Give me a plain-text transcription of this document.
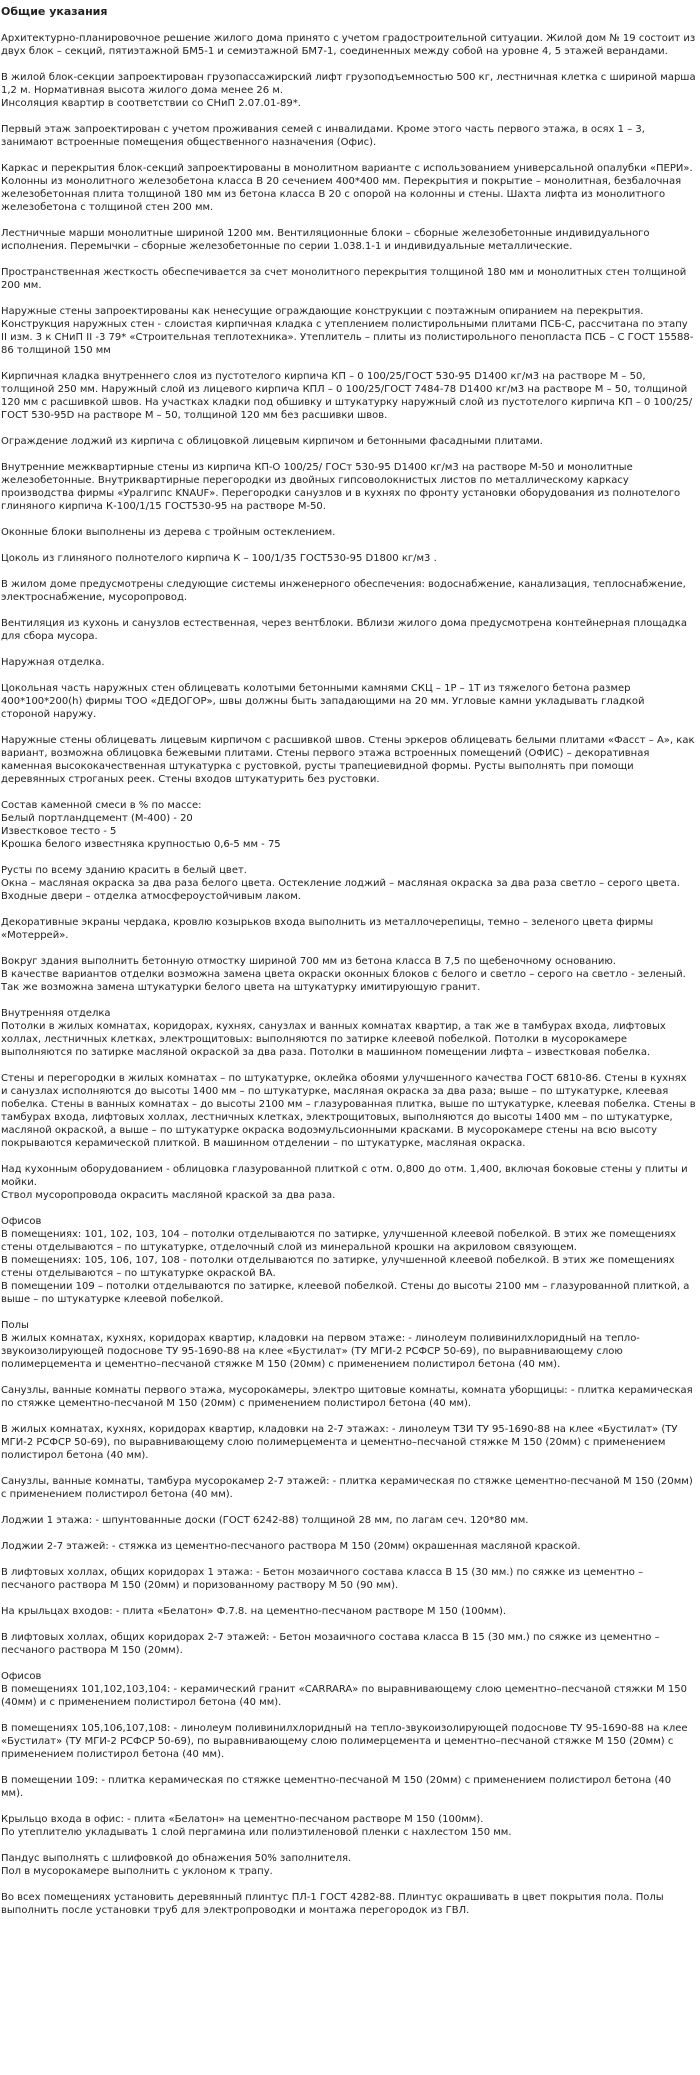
Общие указания

Архитектурно-планировочное решение жилого дома принято с учетом градостроительной ситуации. Жилой дом № 19 состоит из двух блок – секций, пятиэтажной БМ5-1 и семиэтажной БМ7-1, соединенных между собой на уровне 4, 5 этажей верандами.

В жилой блок-секции запроектирован грузопассажирский лифт грузоподъемностью 500 кг, лестничная клетка с шириной марша 1,2 м. Нормативная высота жилого дома менее 26 м.
Инсоляция квартир в соответствии со СНиП 2.07.01-89*.

Первый этаж запроектирован с учетом проживания семей с инвалидами. Кроме этого часть первого этажа, в осях 1 – 3, занимают встроенные помещения общественного назначения (Офис).

Каркас и перекрытия блок-секций запроектированы в монолитном варианте с использованием универсальной опалубки «ПЕРИ». Колонны из монолитного железобетона класса В 20 сечением 400*400 мм. Перекрытия и покрытие – монолитная, безбалочная железобетонная плита толщиной 180 мм из бетона класса В 20 с опорой на колонны и стены. Шахта лифта из монолитного железобетона с толщиной стен 200 мм.

Лестничные марши монолитные шириной 1200 мм. Вентиляционные блоки – сборные железобетонные индивидуального исполнения. Перемычки – сборные железобетонные по серии 1.038.1-1 и индивидуальные металлические.

Пространственная жесткость обеспечивается за счет монолитного перекрытия толщиной 180 мм и монолитных стен толщиной 200 мм.

Наружные стены запроектированы как ненесущие ограждающие конструкции с поэтажным опиранием на перекрытия. Конструкция наружных стен - слоистая кирпичная кладка с утеплением полистирольными плитами ПСБ-С, рассчитана по этапу II изм. 3 к СНиП II -3 79* «Строительная теплотехника». Утеплитель – плиты из полистирольного пенопласта ПСБ – С ГОСТ 15588-86 толщиной 150 мм

Кирпичная кладка внутреннего слоя из пустотелого кирпича КП – 0 100/25/ГОСТ 530-95 D1400 кг/м3 на растворе М – 50, толщиной 250 мм. Наружный слой из лицевого кирпича КПЛ – 0 100/25/ГОСТ 7484-78 D1400 кг/м3 на растворе М – 50, толщиной 120 мм с расшивкой швов. На участках кладки под обшивку и штукатурку наружный слой из пустотелого кирпича КП – 0 100/25/ГОСТ 530-95D на растворе М – 50, толщиной 120 мм без расшивки швов.

Ограждение лоджий из кирпича с облицовкой лицевым кирпичом и бетонными фасадными плитами.

Внутренние межквартирные стены из кирпича КП-О 100/25/ ГОСт 530-95 D1400 кг/м3 на растворе М-50 и монолитные железобетонные. Внутриквартирные перегородки из двойных гипсоволокнистых листов по металлическому каркасу производства фирмы «Уралгипс KNAUF». Перегородки санузлов и в кухнях по фронту установки оборудования из полнотелого глиняного кирпича К-100/1/15 ГОСТ530-95 на растворе М-50.

Оконные блоки выполнены из дерева с тройным остеклением.

Цоколь из глиняного полнотелого кирпича К – 100/1/35 ГОСТ530-95 D1800 кг/м3 .

В жилом доме предусмотрены следующие системы инженерного обеспечения: водоснабжение, канализация, теплоснабжение, электроснабжение, мусоропровод.

Вентиляция из кухонь и санузлов естественная, через вентблоки. Вблизи жилого дома предусмотрена контейнерная площадка для сбора мусора.

Наружная отделка.

Цокольная часть наружных стен облицевать колотыми бетонными камнями СКЦ – 1Р – 1Т из тяжелого бетона размер 400*100*200(h) фирмы ТОО «ДЕДОГОР», швы должны быть западающими на 20 мм. Угловые камни укладывать гладкой стороной наружу.

Наружные стены облицевать лицевым кирпичом с расшивкой швов. Стены эркеров облицевать белыми плитами «Фасст – А», как вариант, возможна облицовка бежевыми плитами. Стены первого этажа встроенных помещений (ОФИС) – декоративная каменная высококачественная штукатурка с рустовкой, русты трапециевидной формы. Русты выполнять при помощи деревянных строганых реек. Стены входов штукатурить без рустовки.

Состав каменной смеси в % по массе:
Белый портландцемент (М-400) - 20
Известковое тесто - 5
Крошка белого известняка крупностью 0,6-5 мм - 75

Русты по всему зданию красить в белый цвет.
Окна – масляная окраска за два раза белого цвета. Остекление лоджий – масляная окраска за два раза светло – серого цвета. Входные двери – отделка атмосфероустойчивым лаком.

Декоративные экраны чердака, кровлю козырьков входа выполнить из металлочерепицы, темно – зеленого цвета фирмы «Мотеррей».

Вокруг здания выполнить бетонную отмостку шириной 700 мм из бетона класса В 7,5 по щебеночному основанию.
В качестве вариантов отделки возможна замена цвета окраски оконных блоков с белого и светло – серого на светло - зеленый. Так же возможна замена штукатурки белого цвета на штукатурку имитирующую гранит.

Внутренняя отделка
Потолки в жилых комнатах, коридорах, кухнях, санузлах и ванных комнатах квартир, а так же в тамбурах входа, лифтовых холлах, лестничных клетках, электрощитовых: выполняются по затирке клеевой побелкой. Потолки в мусорокамере выполняются по затирке масляной окраской за два раза. Потолки в машинном помещении лифта – известковая побелка.

Стены и перегородки в жилых комнатах – по штукатурке, оклейка обоями улучшенного качества ГОСТ 6810-86. Стены в кухнях и санузлах исполняются до высоты 1400 мм – по штукатурке, масляная окраска за два раза; выше – по штукатурке, клеевая побелка. Стены в ванных комнатах – до высоты 2100 мм – глазурованная плитка, выше по штукатурке, клеевая побелка. Стены в тамбурах входа, лифтовых холлах, лестничных клетках, электрощитовых, выполняются до высоты 1400 мм – по штукатурке, масляной окраской, а выше – по штукатурке окраска водоэмульсионными красками. В мусорокамере стены на всю высоту покрываются керамической плиткой. В машинном отделении – по штукатурке, масляная окраска.

Над кухонным оборудованием - облицовка глазурованной плиткой с отм. 0,800 до отм. 1,400, включая боковые стены у плиты и мойки.
Ствол мусоропровода окрасить масляной краской за два раза.

Офисов
В помещениях: 101, 102, 103, 104 – потолки отделываются по затирке, улучшенной клеевой побелкой. В этих же помещениях стены отделываются – по штукатурке, отделочный слой из минеральной крошки на акриловом связующем.
В помещениях: 105, 106, 107, 108 - потолки отделываются по затирке, улучшенной клеевой побелкой. В этих же помещениях стены отделываются – по штукатурке окраской ВА.
В помещении 109 – потолки отделываются по затирке, клеевой побелкой. Стены до высоты 2100 мм – глазурованной плиткой, а выше – по штукатурке клеевой побелкой.

Полы
В жилых комнатах, кухнях, коридорах квартир, кладовки на первом этаже: - линолеум поливинилхлоридный на тепло-звукоизолирующей подоснове ТУ 95-1690-88 на клее «Бустилат» (ТУ МГИ-2 РСФСР 50-69), по выравнивающему слою полимерцемента и цементно–песчаной стяжке М 150 (20мм) с применением полистирол бетона (40 мм).

Санузлы, ванные комнаты первого этажа, мусорокамеры, электро щитовые комнаты, комната уборщицы: - плитка керамическая по стяжке цементно-песчаной М 150 (20мм) с применением полистирол бетона (40 мм).

В жилых комнатах, кухнях, коридорах квартир, кладовки на 2-7 этажах: - линолеум ТЗИ ТУ 95-1690-88 на клее «Бустилат» (ТУ МГИ-2 РСФСР 50-69), по выравнивающему слою полимерцемента и цементно–песчаной стяжке М 150 (20мм) с применением полистирол бетона (40 мм).

Санузлы, ванные комнаты, тамбура мусорокамер 2-7 этажей: - плитка керамическая по стяжке цементно-песчаной М 150 (20мм) с применением полистирол бетона (40 мм).

Лоджии 1 этажа: - шпунтованные доски (ГОСТ 6242-88) толщиной 28 мм, по лагам сеч. 120*80 мм.

Лоджии 2-7 этажей: - стяжка из цементно-песчаного раствора М 150 (20мм) окрашенная масляной краской.

В лифтовых холлах, общих коридорах 1 этажа: - Бетон мозаичного состава класса В 15 (30 мм.) по сяжке из цементно – песчаного раствора М 150 (20мм) и поризованному раствору М 50 (90 мм).

На крыльцах входов: - плита «Белатон» Ф.7.8. на цементно-песчаном растворе М 150 (100мм).

В лифтовых холлах, общих коридорах 2-7 этажей: - Бетон мозаичного состава класса В 15 (30 мм.) по сяжке из цементно – песчаного раствора М 150 (20мм).

Офисов
В помещениях 101,102,103,104: - керамический гранит «CARRARA» по выравнивающему слою цементно–песчаной стяжки М 150 (40мм) и с применением полистирол бетона (40 мм).

В помещениях 105,106,107,108: - линолеум поливинилхлоридный на тепло-звукоизолирующей подоснове ТУ 95-1690-88 на клее «Бустилат» (ТУ МГИ-2 РСФСР 50-69), по выравнивающему слою полимерцемента и цементно–песчаной стяжке М 150 (20мм) с применением полистирол бетона (40 мм).

В помещении 109: - плитка керамическая по стяжке цементно-песчаной М 150 (20мм) с применением полистирол бетона (40 мм).

Крыльцо входа в офис: - плита «Белатон» на цементно-песчаном растворе М 150 (100мм).
По утеплителю укладывать 1 слой пергамина или полиэтиленовой пленки с нахлестом 150 мм.

Пандус выполнять с шлифовкой до обнажения 50% заполнителя.
Пол в мусорокамере выполнить с уклоном к трапу.

Во всех помещениях установить деревянный плинтус ПЛ-1 ГОСТ 4282-88. Плинтус окрашивать в цвет покрытия пола. Полы выполнить после установки труб для электропроводки и монтажа перегородок из ГВЛ.
